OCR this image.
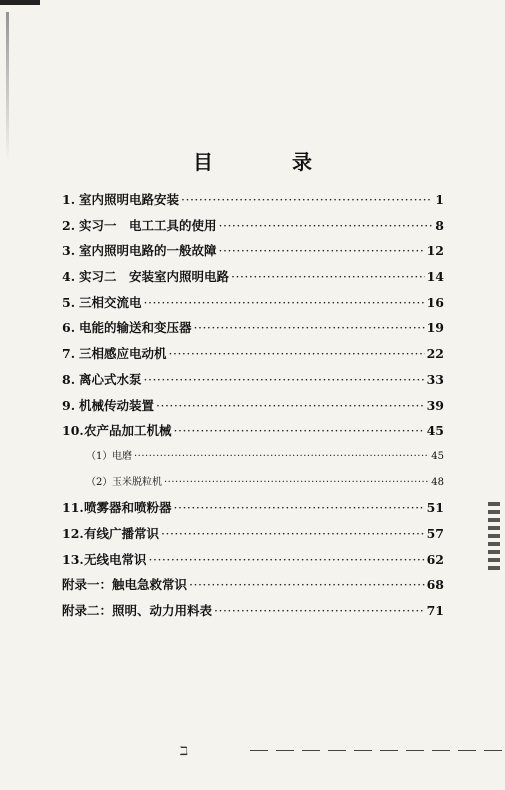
目 录
1. 室内照明电路安装 ·····	1
2. 实习一　电工工具的使用 ·····	8
3. 室内照明电路的一般故障 ·····	12
4. 实习二　安装室内照明电路 ·····	14
5. 三相交流电 ·····	16
6. 电能的输送和变压器 ·····	19
7. 三相感应电动机 ·····	22
8. 离心式水泵 ·····	33
9. 机械传动装置 ·····	39
10. 农产品加工机械 ·····	45
（1） 电磨 ·····	45
（2） 玉米脱粒机 ·····	48
11. 喷雾器和喷粉器 ·····	51
12. 有线广播常识 ·····	57
13. 无线电常识 ·····	62
附录一：触电急救常识 ·····	68
附录二：照明、动力用料表 ·····	71
ℶ
